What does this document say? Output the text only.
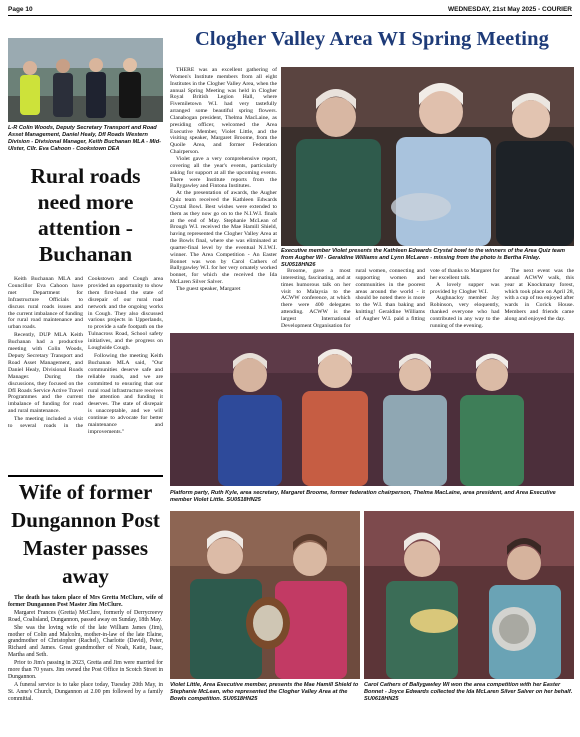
Page 10	WEDNESDAY, 21st May 2025 - COURIER
L-R Colin Woods, Deputy Secretary Transport and Road Asset Management, Daniel Healy, DfI Roads Western Division - Divisional Manager, Keith Buchanan MLA - Mid-Ulster, Cllr. Eva Cahoon - Cookstown DEA
Rural roads need more attention - Buchanan

Keith Buchanan MLA and Councillor Eva Cahoon have met Department for Infrastructure Officials to discuss rural roads issues and the current imbalance of funding for rural road maintenance and urban roads.

Recently, DUP MLA Keith Buchanan had a productive meeting with Colin Woods, Deputy Secretary Transport and Road Asset Management, and Daniel Healy, Divisional Roads Manager. During the discussions, they focused on the DfI Roads Service Active Travel Programmes and the current imbalance of funding for road and rural maintenance.

The meeting included a visit to several roads in the Cookstown and Cough area provided an opportunity to show them first-hand the state of disrepair of our rural road network and the ongoing works in Cough. They also discussed various projects in Upperlands, to provide a safe footpath on the Tulnacross Road, School safety initiatives, and the progress on Loughside Cough.

Following the meeting Keith Buchanan MLA said, "Our communities deserve safe and reliable roads, and we are committed to ensuring that our rural road infrastructure receives the attention and funding it deserves. The state of disrepair is unacceptable, and we will continue to advocate for better maintenance and improvements."

Wife of former Dungannon Post Master passes away

The death has taken place of Mrs Gretta McClure, wife of former Dungannon Post Master Jim McClure.

Margaret Frances (Gretta) McClure, formerly of Derrycreevy Road, Coalisland, Dungannon, passed away on Sunday, 18th May.

She was the loving wife of the late William James (Jim), mother of Colin and Malcolm, mother-in-law of the late Elaine, grandmother of Christopher (Rachel), Charlotte (David), Peter, Richard and James. Great grandmother of Noah, Katie, Isaac, Martha and Seth.

Prior to Jim's passing in 2023, Gretta and Jim were married for more than 70 years. Jim owned the Post Office in Scotch Street in Dungannon.

A funeral service is to take place today, Tuesday 20th May, in St. Anne's Church, Dungannon at 2.00 pm followed by a family committal.

Clogher Valley Area WI Spring Meeting

THERE was an excellent gathering of Women's Institute members from all eight Institutes in the Clogher Valley Area, when the annual Spring Meeting was held in Clogher Royal British Legion Hall, where Fivemiletown W.I. had very tastefully arranged some beautiful spring flowers. Clanabogan president, Thelma MacLaine, as presiding officer, welcomed the Area Executive Member, Violet Little, and the visiting speaker, Margaret Broome, from the Quoile Area, and former Federation Chairperson.

Violet gave a very comprehensive report, covering all the year's events, particularly asking for support at all the upcoming events. There were Institute reports from the Ballygawley and Fintona Institutes.

At the presentation of awards, the Augher Quiz team received the Kathleen Edwards Crystal Bowl. Best wishes were extended to them as they now go on to the N.I.W.I. finals at the end of May. Stephanie McLean of Brough W.I. received the Mae Hamill Shield, having represented the Clogher Valley Area at the Bowls final, where she was eliminated at quarter-final level by the eventual N.I.W.I. winner. The Area Competition - An Easter Bonnet was won by Carol Cathers of Ballygawley W.I. for her very ornately worked bonnet, for which she received the Ida McLaren Silver Salver.

The guest speaker, Margaret

Executive member Violet presents the Kathleen Edwards Crystal bowl to the winners of the Area Quiz team from Augher WI - Geraldine Williams and Lynn McLaren - missing from the photo is Bertha Finlay. SU0518HN26

Broome, gave a most interesting, fascinating, and at times humorous talk on her visit to Malaysia to the ACWW conference, at which there were 400 delegates attending. ACWW is the largest International Development Organisation for rural women, connecting and supporting women and communities in the poorest areas around the world - it should be noted there is more to the W.I. than baking and knitting! Geraldine Williams of Augher W.I. paid a fitting vote of thanks to Margaret for her excellent talk.

A lovely supper was provided by Clogher W.I.

Aughnacloy member Joy Robinson, very eloquently, thanked everyone who had contributed in any way to the running of the evening.

The next event was the annual ACWW walk, this year at Knockmany forest, which took place on April 28, with a cup of tea enjoyed after wards in Corick House. Members and friends came along and enjoyed the day.

Platform party, Ruth Kyle, area secretary, Margaret Broome, former federation chairperson, Thelma MacLaine, area president, and Area Executive member Violet Little. SU0518HN25
Violet Little, Area Executive member, presents the Mae Hamill Shield to Stephanie McLean, who represented the Clogher Valley Area at the Bowls competition. SU0518HN25
Carol Cathers of Ballygawley WI won the area competition with her Easter Bonnet - Joyce Edwards collected the Ida McLaren Silver Salver on her behalf. SU0618HN25
